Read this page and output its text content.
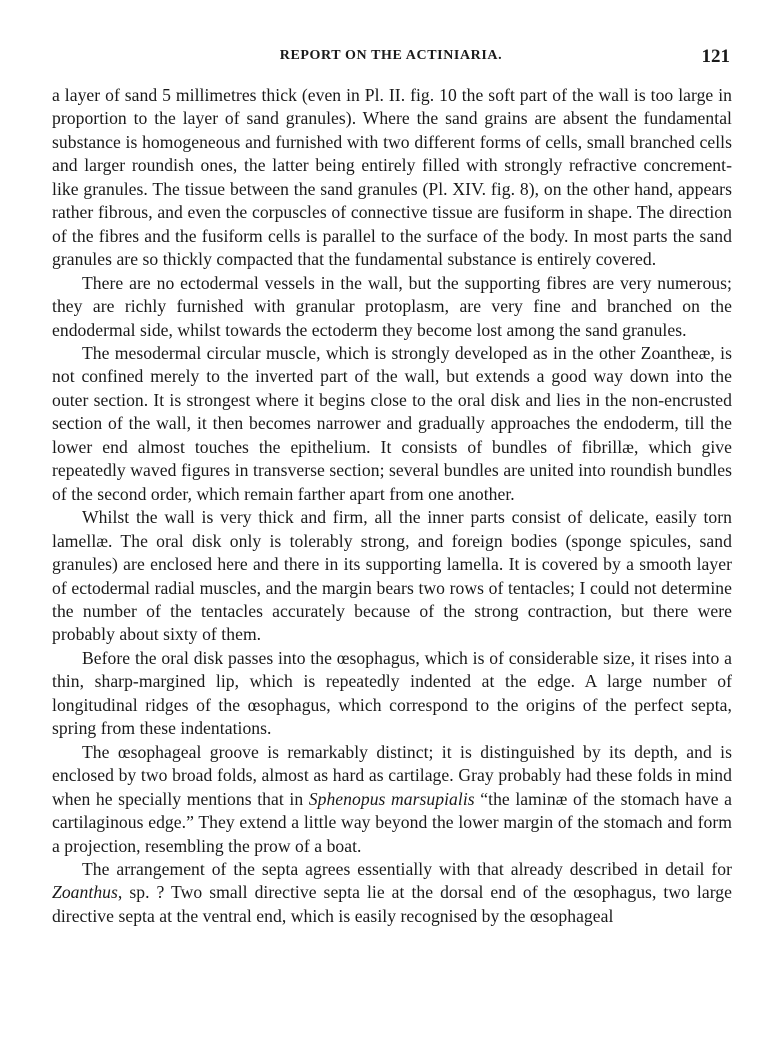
REPORT ON THE ACTINIARIA.	121

a layer of sand 5 millimetres thick (even in Pl. II. fig. 10 the soft part of the wall is too large in proportion to the layer of sand granules). Where the sand grains are absent the fundamental substance is homogeneous and furnished with two different forms of cells, small branched cells and larger roundish ones, the latter being entirely filled with strongly refractive concrement-like granules. The tissue between the sand granules (Pl. XIV. fig. 8), on the other hand, appears rather fibrous, and even the corpuscles of connective tissue are fusiform in shape. The direction of the fibres and the fusiform cells is parallel to the surface of the body. In most parts the sand granules are so thickly compacted that the fundamental substance is entirely covered.

There are no ectodermal vessels in the wall, but the supporting fibres are very numerous; they are richly furnished with granular protoplasm, are very fine and branched on the endodermal side, whilst towards the ectoderm they become lost among the sand granules.

The mesodermal circular muscle, which is strongly developed as in the other Zoantheæ, is not confined merely to the inverted part of the wall, but extends a good way down into the outer section. It is strongest where it begins close to the oral disk and lies in the non-encrusted section of the wall, it then becomes narrower and gradually approaches the endoderm, till the lower end almost touches the epithelium. It consists of bundles of fibrillæ, which give repeatedly waved figures in transverse section; several bundles are united into roundish bundles of the second order, which remain farther apart from one another.

Whilst the wall is very thick and firm, all the inner parts consist of delicate, easily torn lamellæ. The oral disk only is tolerably strong, and foreign bodies (sponge spicules, sand granules) are enclosed here and there in its supporting lamella. It is covered by a smooth layer of ectodermal radial muscles, and the margin bears two rows of tentacles; I could not determine the number of the tentacles accurately because of the strong contraction, but there were probably about sixty of them.

Before the oral disk passes into the œsophagus, which is of considerable size, it rises into a thin, sharp-margined lip, which is repeatedly indented at the edge. A large number of longitudinal ridges of the œsophagus, which correspond to the origins of the perfect septa, spring from these indentations.

The œsophageal groove is remarkably distinct; it is distinguished by its depth, and is enclosed by two broad folds, almost as hard as cartilage. Gray probably had these folds in mind when he specially mentions that in Sphenopus marsupialis “the laminæ of the stomach have a cartilaginous edge.” They extend a little way beyond the lower margin of the stomach and form a projection, resembling the prow of a boat.

The arrangement of the septa agrees essentially with that already described in detail for Zoanthus, sp. ? Two small directive septa lie at the dorsal end of the œsophagus, two large directive septa at the ventral end, which is easily recognised by the œsophageal
